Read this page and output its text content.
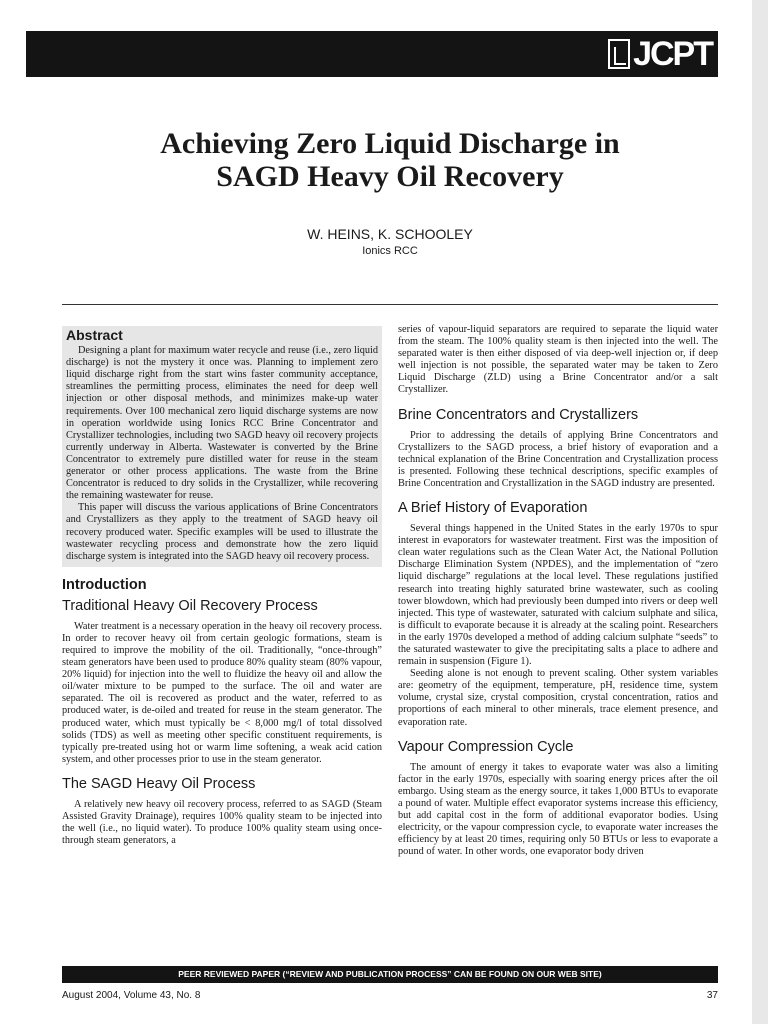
JCPT
Achieving Zero Liquid Discharge in
SAGD Heavy Oil Recovery
W. HEINS, K. SCHOOLEY
Ionics RCC
Abstract

Designing a plant for maximum water recycle and reuse (i.e., zero liquid discharge) is not the mystery it once was. Planning to implement zero liquid discharge right from the start wins faster community acceptance, streamlines the permitting process, eliminates the need for deep well injection or other disposal methods, and minimizes make-up water requirements. Over 100 mechanical zero liquid discharge systems are now in operation worldwide using Ionics RCC Brine Concentrator and Crystallizer technologies, including two SAGD heavy oil recovery projects currently underway in Alberta. Wastewater is converted by the Brine Concentrator to extremely pure distilled water for reuse in the steam generator or other process applications. The waste from the Brine Concentrator is reduced to dry solids in the Crystallizer, while recovering the remaining wastewater for reuse.

This paper will discuss the various applications of Brine Concentrators and Crystallizers as they apply to the treatment of SAGD heavy oil recovery produced water. Specific examples will be used to illustrate the wastewater recycling process and demonstrate how the zero liquid discharge system is integrated into the SAGD heavy oil recovery process.

Introduction
Traditional Heavy Oil Recovery Process

Water treatment is a necessary operation in the heavy oil recovery process. In order to recover heavy oil from certain geologic formations, steam is required to improve the mobility of the oil. Traditionally, “once-through” steam generators have been used to produce 80% quality steam (80% vapour, 20% liquid) for injection into the well to fluidize the heavy oil and allow the oil/water mixture to be pumped to the surface. The oil and water are separated. The oil is recovered as product and the water, referred to as produced water, is de-oiled and treated for reuse in the steam generator. The produced water, which must typically be < 8,000 mg/l of total dissolved solids (TDS) as well as meeting other specific constituent requirements, is typically pre-treated using hot or warm lime softening, a weak acid cation system, and other processes prior to use in the steam generator.

The SAGD Heavy Oil Process

A relatively new heavy oil recovery process, referred to as SAGD (Steam Assisted Gravity Drainage), requires 100% quality steam to be injected into the well (i.e., no liquid water). To produce 100% quality steam using once-through steam generators, a

series of vapour-liquid separators are required to separate the liquid water from the steam. The 100% quality steam is then injected into the well. The separated water is then either disposed of via deep-well injection or, if deep well injection is not possible, the separated water may be taken to Zero Liquid Discharge (ZLD) using a Brine Concentrator and/or a salt Crystallizer.

Brine Concentrators and Crystallizers

Prior to addressing the details of applying Brine Concentrators and Crystallizers to the SAGD process, a brief history of evaporation and a technical explanation of the Brine Concentration and Crystallization process is presented. Following these technical descriptions, specific examples of Brine Concentration and Crystallization in the SAGD industry are presented.

A Brief History of Evaporation

Several things happened in the United States in the early 1970s to spur interest in evaporators for wastewater treatment. First was the imposition of clean water regulations such as the Clean Water Act, the National Pollution Discharge Elimination System (NPDES), and the implementation of “zero liquid discharge” regulations at the local level. These regulations justified research into treating highly saturated brine wastewater, such as cooling tower blowdown, which had previously been dumped into rivers or deep well injected. This type of wastewater, saturated with calcium sulphate and silica, is difficult to evaporate because it is already at the scaling point. Researchers in the early 1970s developed a method of adding calcium sulphate “seeds” to the saturated wastewater to give the precipitating salts a place to adhere and remain in suspension (Figure 1).

Seeding alone is not enough to prevent scaling. Other system variables are: geometry of the equipment, temperature, pH, residence time, system volume, crystal size, crystal composition, crystal concentration, ratios and proportions of each mineral to other minerals, trace element presence, and evaporation rate.

Vapour Compression Cycle

The amount of energy it takes to evaporate water was also a limiting factor in the early 1970s, especially with soaring energy prices after the oil embargo. Using steam as the energy source, it takes 1,000 BTUs to evaporate a pound of water. Multiple effect evaporator systems increase this efficiency, but add capital cost in the form of additional evaporator bodies. Using electricity, or the vapour compression cycle, to evaporate water increases the efficiency by at least 20 times, requiring only 50 BTUs or less to evaporate a pound of water. In other words, one evaporator body driven

PEER REVIEWED PAPER (“REVIEW AND PUBLICATION PROCESS” CAN BE FOUND ON OUR WEB SITE)
August 2004, Volume 43, No. 8	37
